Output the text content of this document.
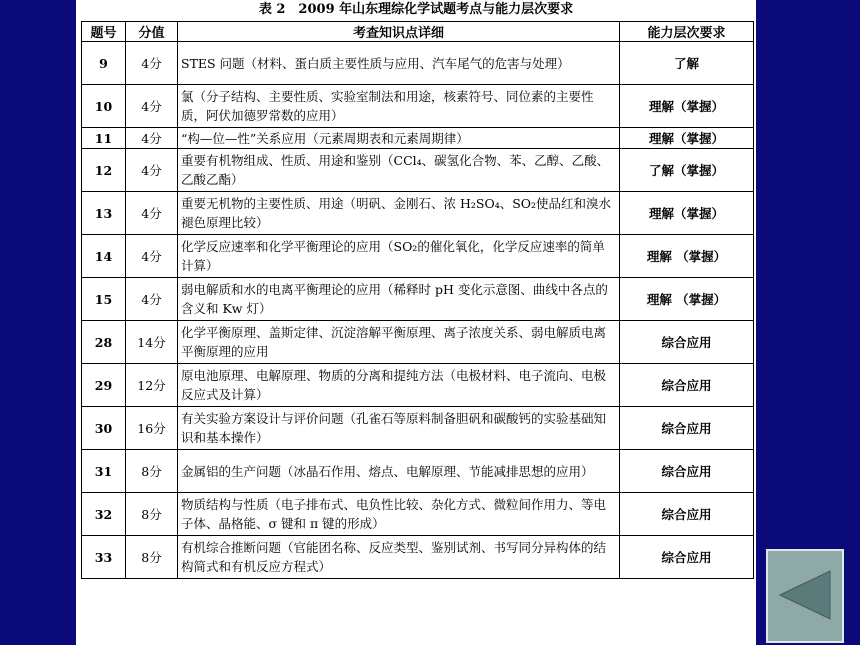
表 2　2009 年山东理综化学试题考点与能力层次要求
题号	分值	考查知识点详细	能力层次要求
9	4分	STES 问题（材料、蛋白质主要性质与应用、汽车尾气的危害与处理）	了解
10	4分	氯（分子结构、主要性质、实验室制法和用途，核素符号、同位素的主要性质，阿伏加德罗常数的应用）	理解（掌握）
11	4分	“构—位—性”关系应用（元素周期表和元素周期律）	理解（掌握）
12	4分	重要有机物组成、性质、用途和鉴别（CCl₄、碳氢化合物、苯、乙醇、乙酸、乙酸乙酯）	了解（掌握）
13	4分	重要无机物的主要性质、用途（明矾、金刚石、浓 H₂SO₄、SO₂使品红和溴水褪色原理比较）	理解（掌握）
14	4分	化学反应速率和化学平衡理论的应用（SO₂的催化氧化，化学反应速率的简单计算）	理解 （掌握）
15	4分	弱电解质和水的电离平衡理论的应用（稀释时 pH 变化示意图、曲线中各点的含义和 Kw 灯）	理解 （掌握）
28	14分	化学平衡原理、盖斯定律、沉淀溶解平衡原理、离子浓度关系、弱电解质电离平衡原理的应用	综合应用
29	12分	原电池原理、电解原理、物质的分离和提纯方法（电极材料、电子流向、电极反应式及计算）	综合应用
30	16分	有关实验方案设计与评价问题（孔雀石等原料制备胆矾和碳酸钙的实验基础知识和基本操作）	综合应用
31	8分	金属铝的生产问题（冰晶石作用、熔点、电解原理、节能减排思想的应用）	综合应用
32	8分	物质结构与性质（电子排布式、电负性比较、杂化方式、微粒间作用力、等电子体、晶格能、σ 键和 π 键的形成）	综合应用
33	8分	有机综合推断问题（官能团名称、反应类型、鉴别试剂、书写同分异构体的结构简式和有机反应方程式）	综合应用
